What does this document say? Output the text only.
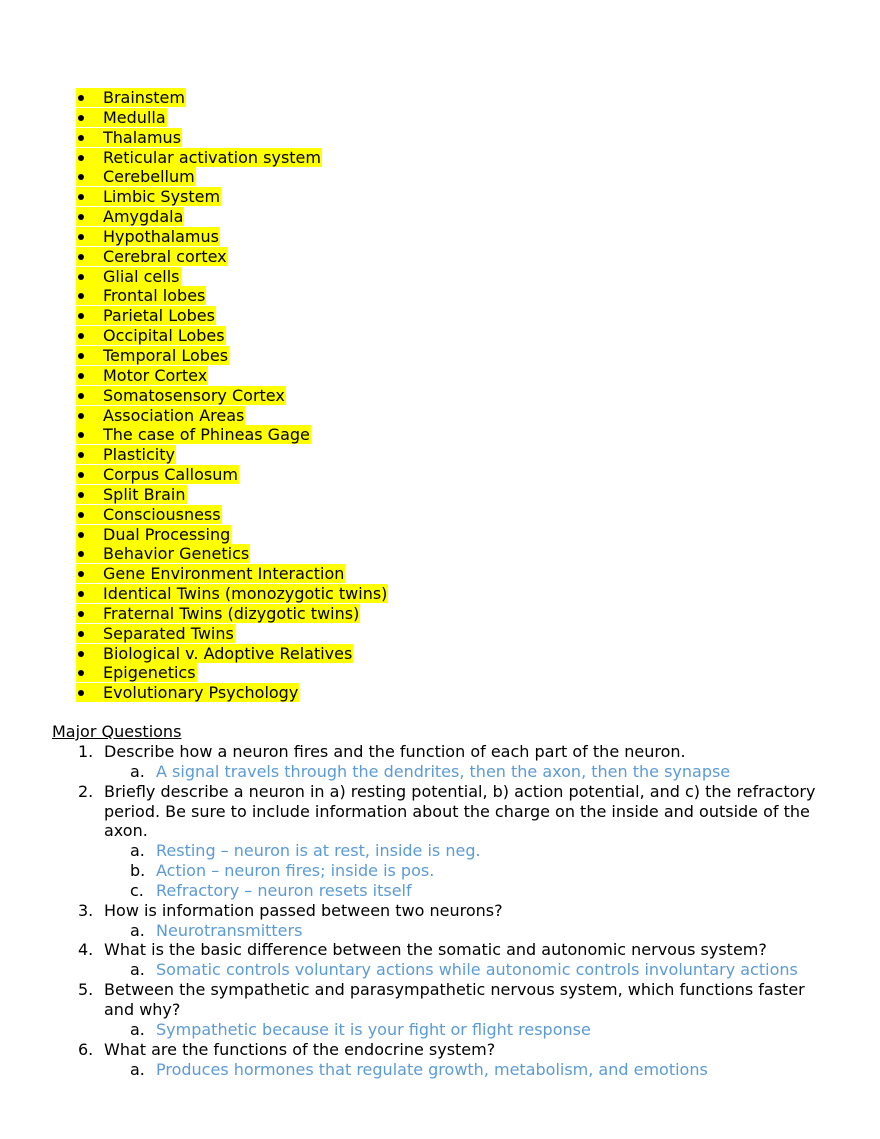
Brainstem
Medulla
Thalamus
Reticular activation system
Cerebellum
Limbic System
Amygdala
Hypothalamus
Cerebral cortex
Glial cells
Frontal lobes
Parietal Lobes
Occipital Lobes
Temporal Lobes
Motor Cortex
Somatosensory Cortex
Association Areas
The case of Phineas Gage
Plasticity
Corpus Callosum
Split Brain
Consciousness
Dual Processing
Behavior Genetics
Gene Environment Interaction
Identical Twins (monozygotic twins)
Fraternal Twins (dizygotic twins)
Separated Twins
Biological v. Adoptive Relatives
Epigenetics
Evolutionary Psychology
Major Questions
1. Describe how a neuron fires and the function of each part of the neuron.
a. A signal travels through the dendrites, then the axon, then the synapse
2. Briefly describe a neuron in a) resting potential, b) action potential, and c) the refractory period. Be sure to include information about the charge on the inside and outside of the axon.
a. Resting – neuron is at rest, inside is neg.
b. Action – neuron fires; inside is pos.
c. Refractory – neuron resets itself
3. How is information passed between two neurons?
a. Neurotransmitters
4. What is the basic difference between the somatic and autonomic nervous system?
a. Somatic controls voluntary actions while autonomic controls involuntary actions
5. Between the sympathetic and parasympathetic nervous system, which functions faster and why?
a. Sympathetic because it is your fight or flight response
6. What are the functions of the endocrine system?
a. Produces hormones that regulate growth, metabolism, and emotions
